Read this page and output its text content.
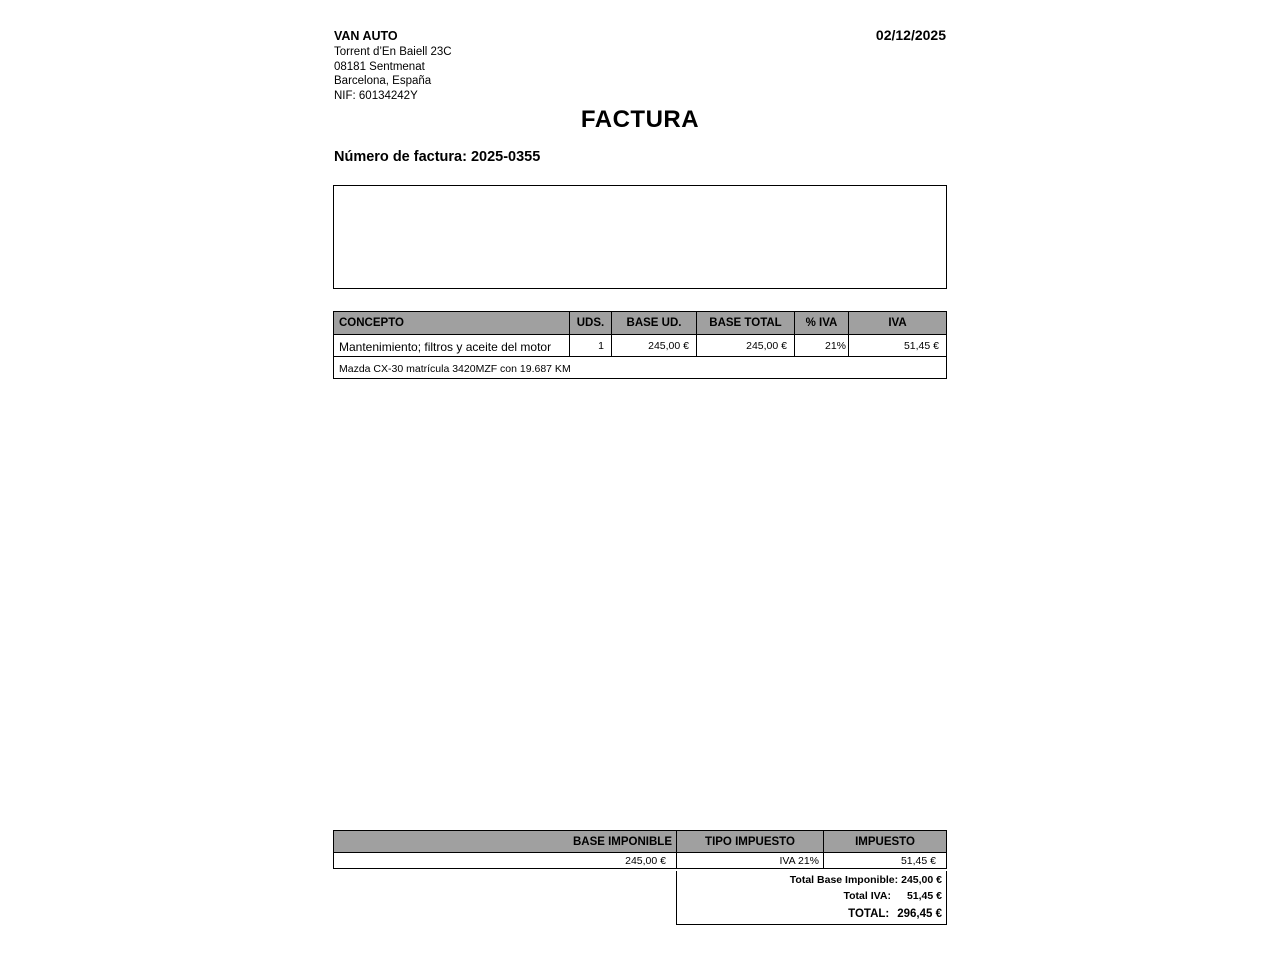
VAN AUTO
Torrent d’En Baiell 23C
08181 Sentmenat
Barcelona, España
NIF: 60134242Y
02/12/2025
FACTURA
Número de factura: 2025-0355
CONCEPTO	UDS.	BASE UD.	BASE TOTAL	% IVA	IVA
Mantenimiento; filtros y aceite del motor	1	245,00 €	245,00 €	21%	51,45 €
Mazda CX-30 matrícula 3420MZF con 19.687 KM					
BASE IMPONIBLE	TIPO IMPUESTO	IMPUESTO
245,00 €	IVA 21%	51,45 €
Total Base Imponible: 245,00 €
Total IVA: 51,45 €
TOTAL: 296,45 €
